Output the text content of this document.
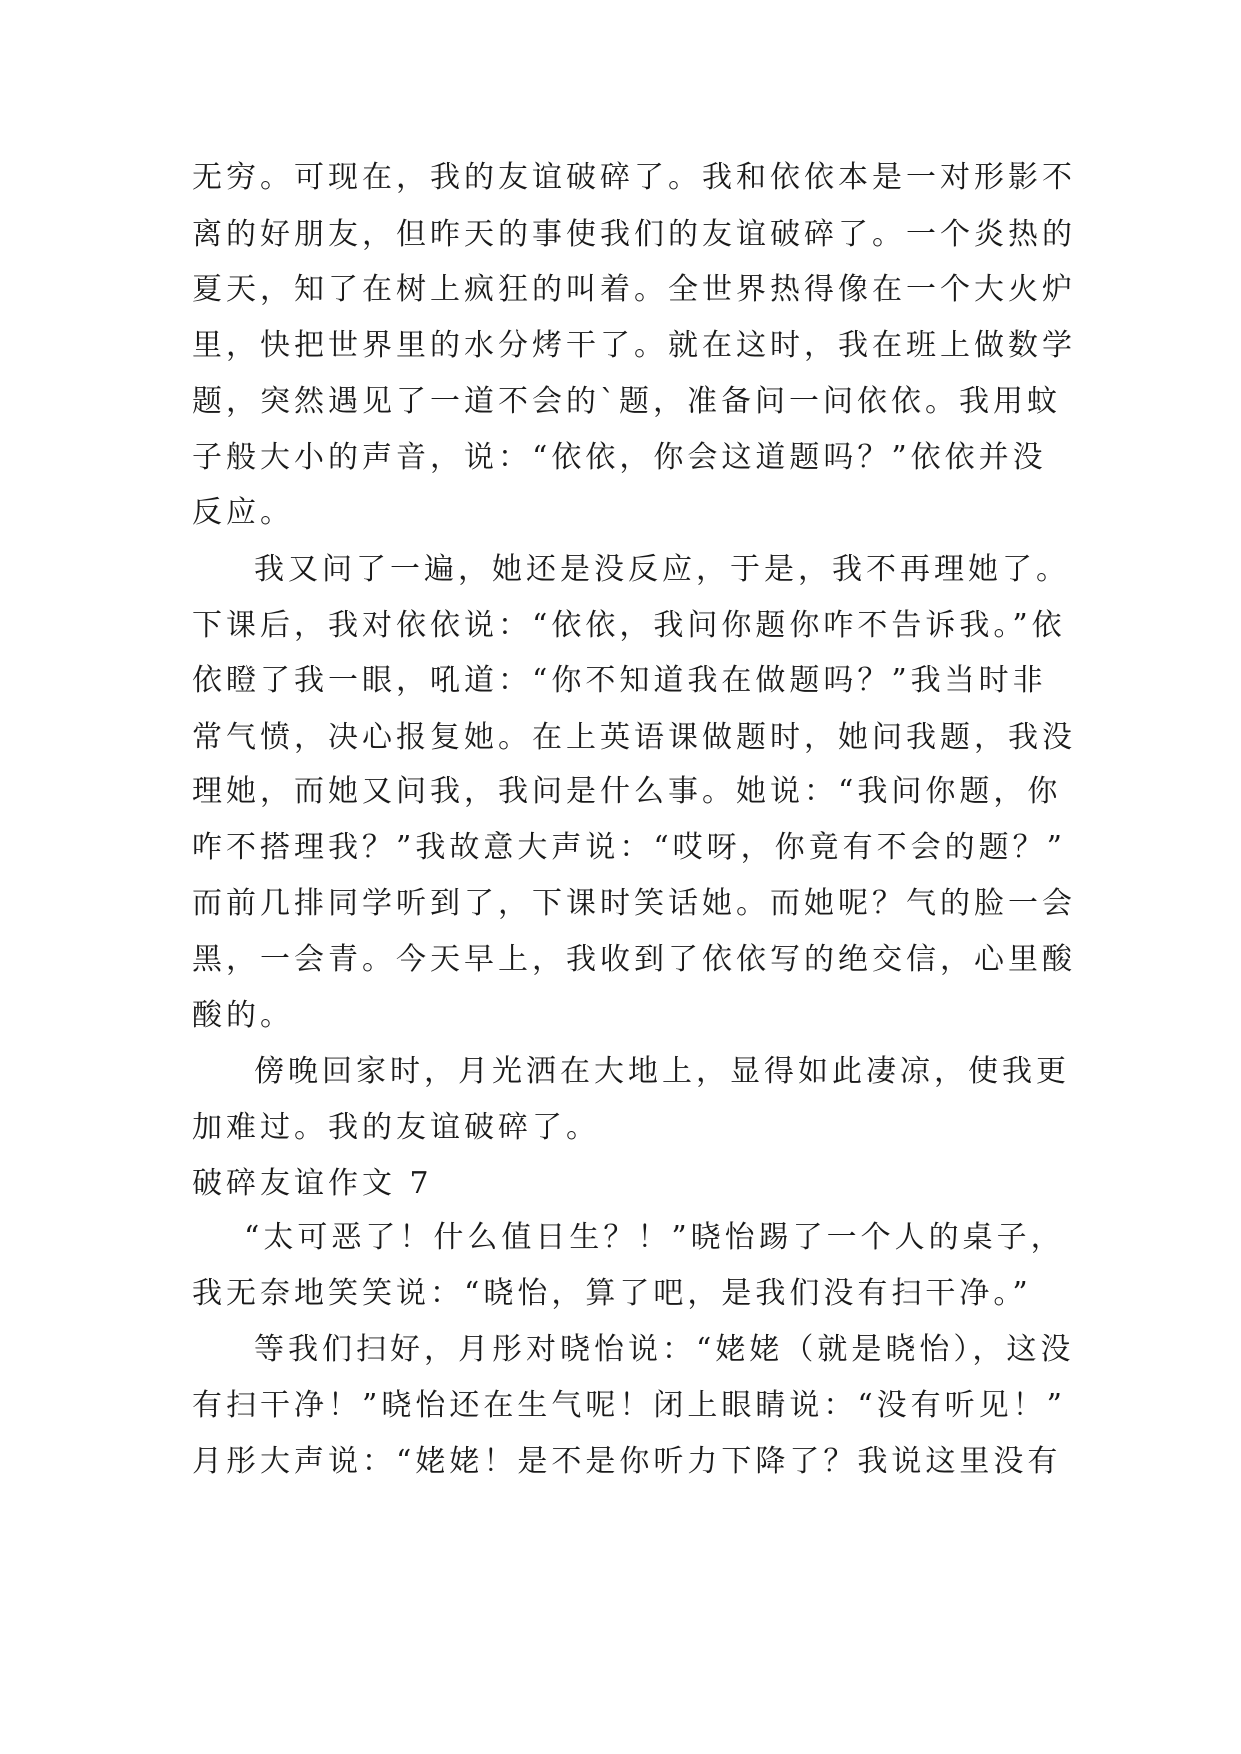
无穷。可现在，我的友谊破碎了。我和依依本是一对形影不
离的好朋友，但昨天的事使我们的友谊破碎了。一个炎热的
夏天，知了在树上疯狂的叫着。全世界热得像在一个大火炉
里，快把世界里的水分烤干了。就在这时，我在班上做数学
题，突然遇见了一道不会的`题，准备问一问依依。我用蚊
子般大小的声音，说：“依依，你会这道题吗？”依依并没
反应。
我又问了一遍，她还是没反应，于是，我不再理她了。
下课后，我对依依说：“依依，我问你题你咋不告诉我。”依
依瞪了我一眼，吼道：“你不知道我在做题吗？”我当时非
常气愤，决心报复她。在上英语课做题时，她问我题，我没
理她，而她又问我，我问是什么事。她说：“我问你题，你
咋不搭理我？”我故意大声说：“哎呀，你竟有不会的题？”
而前几排同学听到了，下课时笑话她。而她呢？气的脸一会
黑，一会青。今天早上，我收到了依依写的绝交信，心里酸
酸的。
傍晚回家时，月光洒在大地上，显得如此凄凉，使我更
加难过。我的友谊破碎了。
破碎友谊作文 7
“太可恶了！什么值日生？！”晓怡踢了一个人的桌子，
我无奈地笑笑说：“晓怡，算了吧，是我们没有扫干净。”
等我们扫好，月彤对晓怡说：“姥姥（就是晓怡），这没
有扫干净！”晓怡还在生气呢！闭上眼睛说：“没有听见！”
月彤大声说：“姥姥！是不是你听力下降了？我说这里没有
